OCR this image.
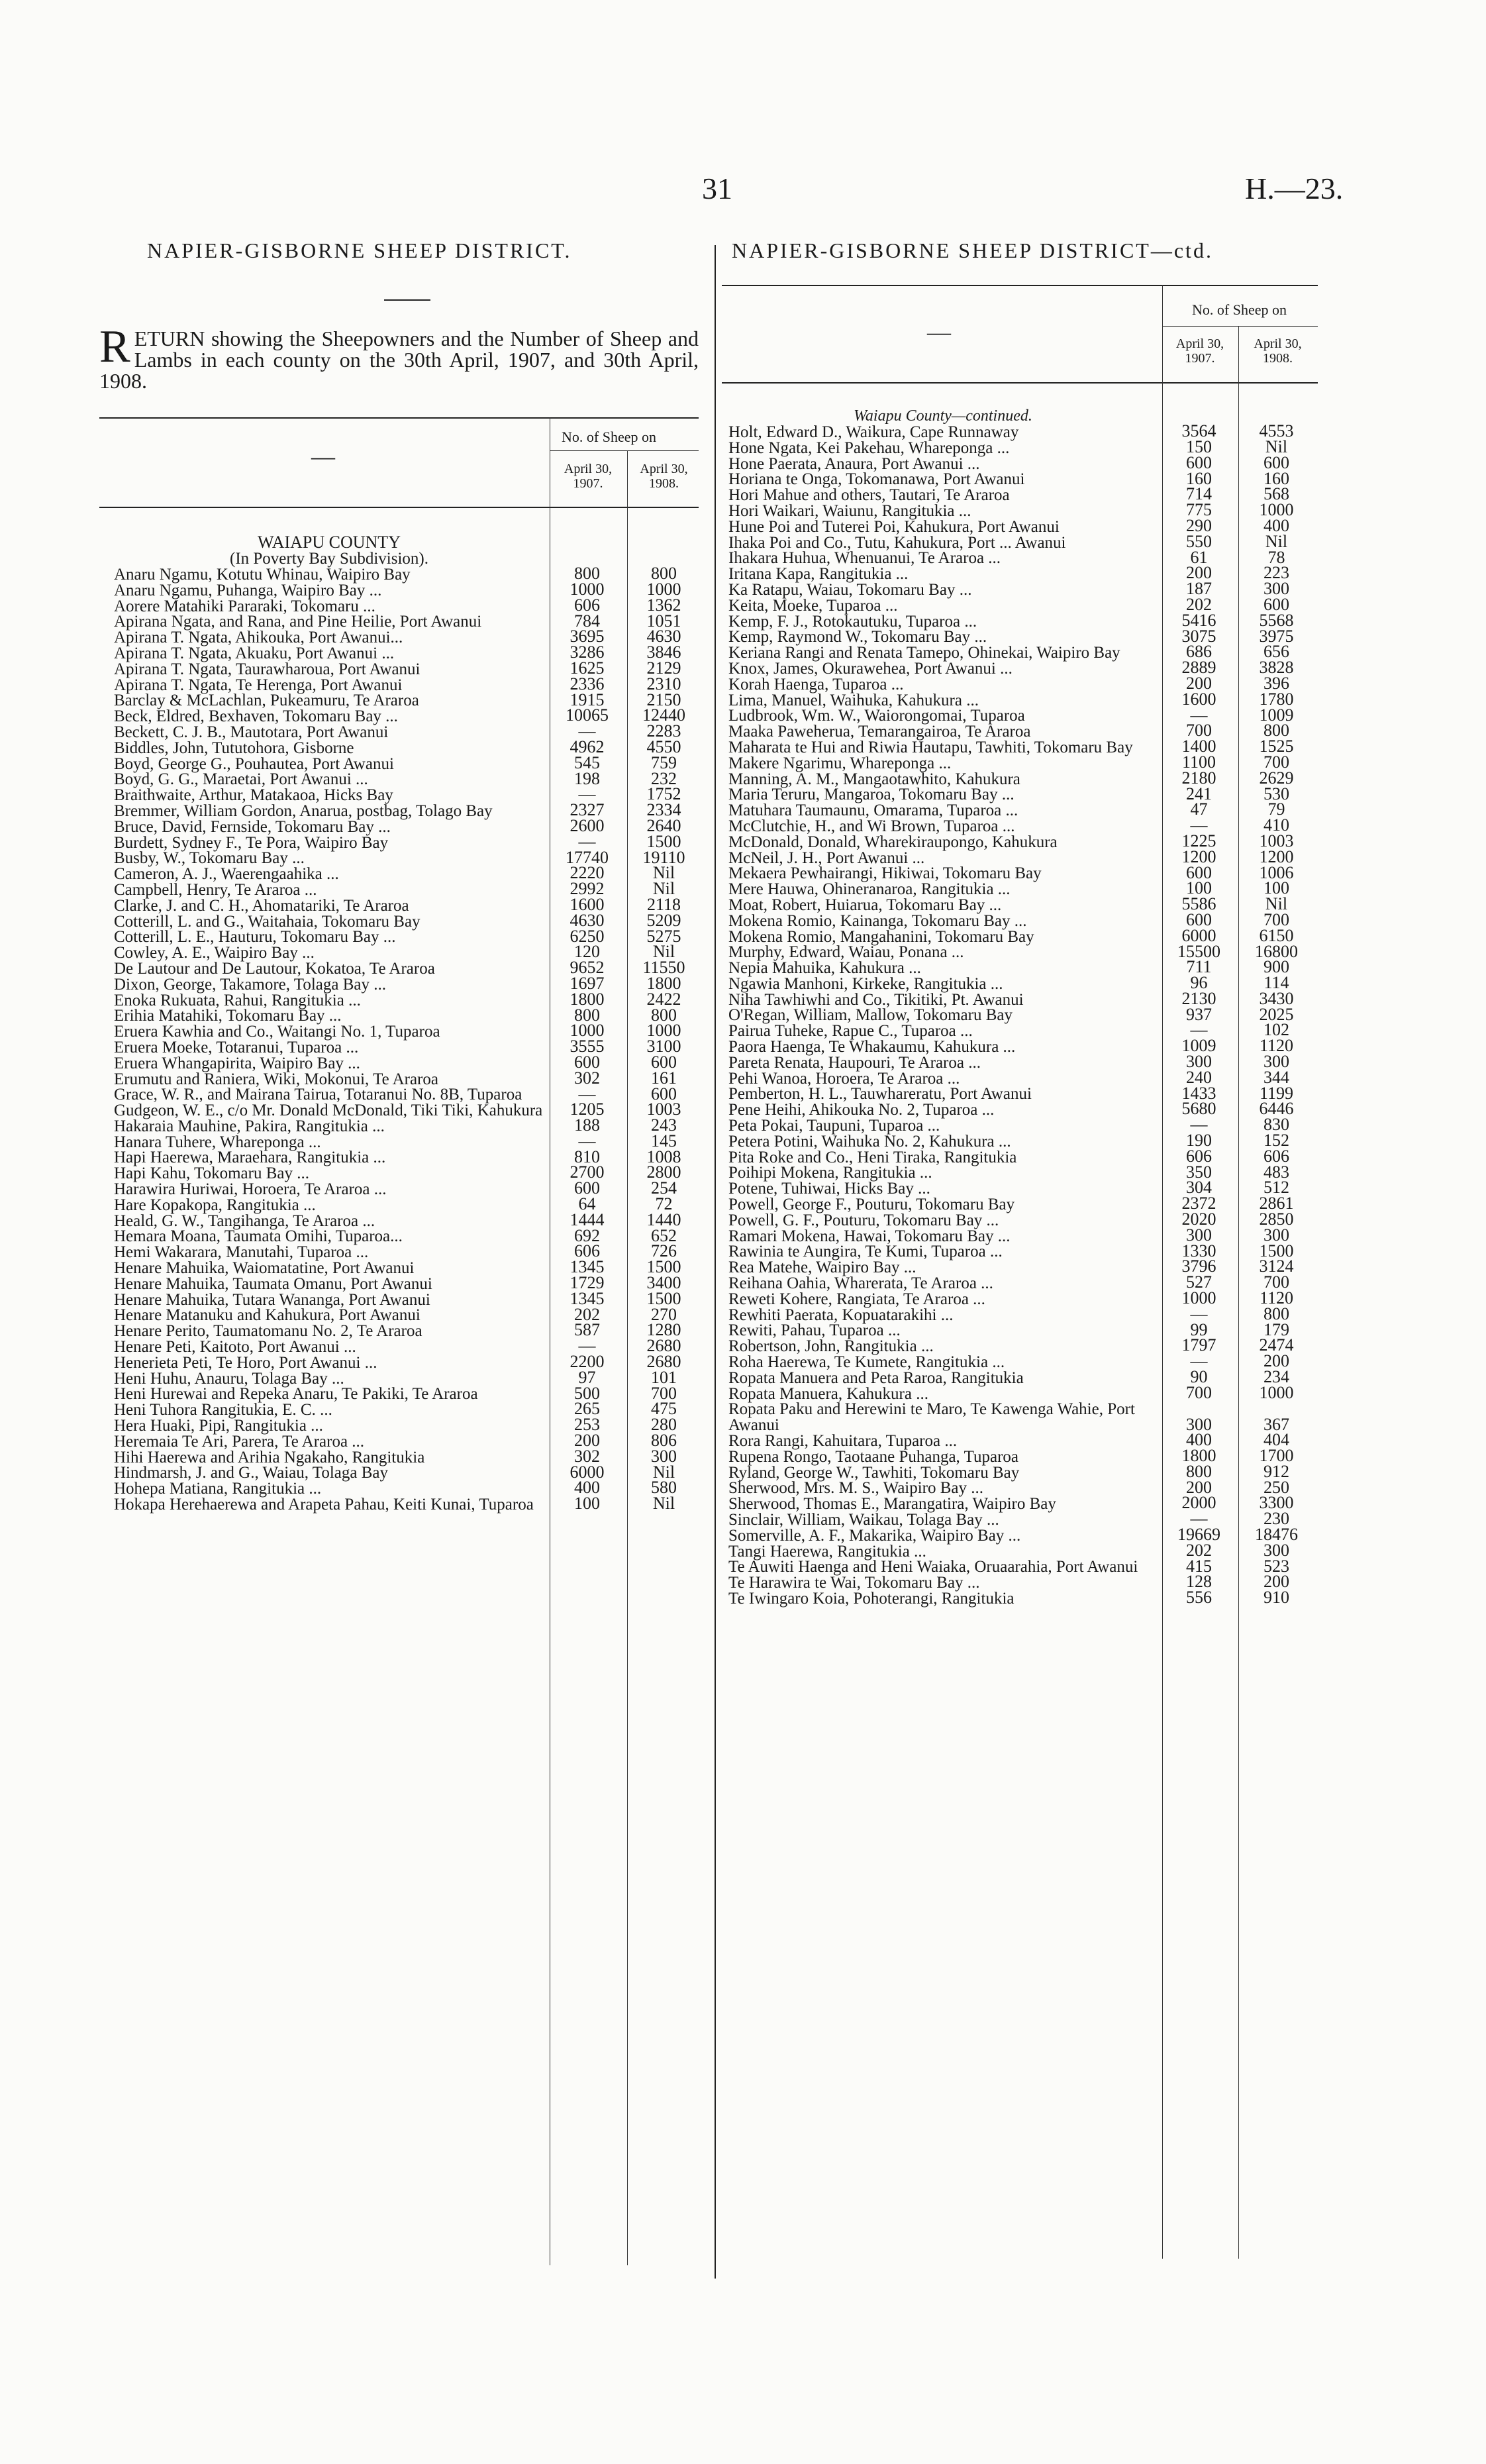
31	H.—23.
NAPIER-GISBORNE SHEEP DISTRICT.
RETURN showing the Sheepowners and the Number of Sheep and Lambs in each county on the 30th April, 1907, and 30th April, 1908.
No. of Sheep on
—	April 30, 1907.
April 30, 1908.
WAIAPU COUNTY
(In Poverty Bay Subdivision).
Anaru Ngamu, Kotutu Whinau, Waipiro Bay	800	800
Anaru Ngamu, Puhanga, Waipiro Bay ...	1000	1000
Aorere Matahiki Pararaki, Tokomaru ...	606	1362
Apirana Ngata, and Rana, and Pine Heilie, Port Awanui	784	1051
Apirana T. Ngata, Ahikouka, Port Awanui...	3695	4630
Apirana T. Ngata, Akuaku, Port Awanui ...	3286	3846
Apirana T. Ngata, Taurawharoua, Port Awanui	1625	2129
Apirana T. Ngata, Te Herenga, Port Awanui	2336	2310
Barclay & McLachlan, Pukeamuru, Te Araroa	1915	2150
Beck, Eldred, Bexhaven, Tokomaru Bay ...	10065	12440
Beckett, C. J. B., Mautotara, Port Awanui	—	2283
Biddles, John, Tututohora, Gisborne	4962	4550
Boyd, George G., Pouhautea, Port Awanui	545	759
Boyd, G. G., Maraetai, Port Awanui ...	198	232
Braithwaite, Arthur, Matakaoa, Hicks Bay	—	1752
Bremmer, William Gordon, Anarua, postbag, Tolago Bay	2327	2334
Bruce, David, Fernside, Tokomaru Bay ...	2600	2640
Burdett, Sydney F., Te Pora, Waipiro Bay	—	1500
Busby, W., Tokomaru Bay ...	17740	19110
Cameron, A. J., Waerengaahika ...	2220	Nil
Campbell, Henry, Te Araroa ...	2992	Nil
Clarke, J. and C. H., Ahomatariki, Te Araroa	1600	2118
Cotterill, L. and G., Waitahaia, Tokomaru Bay	4630	5209
Cotterill, L. E., Hauturu, Tokomaru Bay ...	6250	5275
Cowley, A. E., Waipiro Bay ...	120	Nil
De Lautour and De Lautour, Kokatoa, Te Araroa	9652	11550
Dixon, George, Takamore, Tolaga Bay ...	1697	1800
Enoka Rukuata, Rahui, Rangitukia ...	1800	2422
Erihia Matahiki, Tokomaru Bay ...	800	800
Eruera Kawhia and Co., Waitangi No. 1, Tuparoa	1000	1000
Eruera Moeke, Totaranui, Tuparoa ...	3555	3100
Eruera Whangapirita, Waipiro Bay ...	600	600
Erumutu and Raniera, Wiki, Mokonui, Te Araroa	302	161
Grace, W. R., and Mairana Tairua, Totaranui No. 8B, Tuparoa	—	600
Gudgeon, W. E., c/o Mr. Donald McDonald, Tiki Tiki, Kahukura	1205	1003
Hakaraia Mauhine, Pakira, Rangitukia ...	188	243
Hanara Tuhere, Whareponga ...	—	145
Hapi Haerewa, Maraehara, Rangitukia ...	810	1008
Hapi Kahu, Tokomaru Bay ...	2700	2800
Harawira Huriwai, Horoera, Te Araroa ...	600	254
Hare Kopakopa, Rangitukia ...	64	72
Heald, G. W., Tangihanga, Te Araroa ...	1444	1440
Hemara Moana, Taumata Omihi, Tuparoa...	692	652
Hemi Wakarara, Manutahi, Tuparoa ...	606	726
Henare Mahuika, Waiomatatine, Port Awanui	1345	1500
Henare Mahuika, Taumata Omanu, Port Awanui	1729	3400
Henare Mahuika, Tutara Wananga, Port Awanui	1345	1500
Henare Matanuku and Kahukura, Port Awanui	202	270
Henare Perito, Taumatomanu No. 2, Te Araroa	587	1280
Henare Peti, Kaitoto, Port Awanui ...	—	2680
Henerieta Peti, Te Horo, Port Awanui ...	2200	2680
Heni Huhu, Anauru, Tolaga Bay ...	97	101
Heni Hurewai and Repeka Anaru, Te Pakiki, Te Araroa	500	700
Heni Tuhora Rangitukia, E. C. ...	265	475
Hera Huaki, Pipi, Rangitukia ...	253	280
Heremaia Te Ari, Parera, Te Araroa ...	200	806
Hihi Haerewa and Arihia Ngakaho, Rangitukia	302	300
Hindmarsh, J. and G., Waiau, Tolaga Bay	6000	Nil
Hohepa Matiana, Rangitukia ...	400	580
Hokapa Herehaerewa and Arapeta Pahau, Keiti Kunai, Tuparoa	100	Nil
NAPIER-GISBORNE SHEEP DISTRICT—ctd.
No. of Sheep on
—	April 30, 1907.
April 30, 1908.
Waiapu County—continued.
Holt, Edward D., Waikura, Cape Runnaway	3564	4553
Hone Ngata, Kei Pakehau, Whareponga ...	150	Nil
Hone Paerata, Anaura, Port Awanui ...	600	600
Horiana te Onga, Tokomanawa, Port Awanui	160	160
Hori Mahue and others, Tautari, Te Araroa	714	568
Hori Waikari, Waiunu, Rangitukia ...	775	1000
Hune Poi and Tuterei Poi, Kahukura, Port Awanui	290	400
Ihaka Poi and Co., Tutu, Kahukura, Port ... Awanui	550	Nil
Ihakara Huhua, Whenuanui, Te Araroa ...	61	78
Iritana Kapa, Rangitukia ...	200	223
Ka Ratapu, Waiau, Tokomaru Bay ...	187	300
Keita, Moeke, Tuparoa ...	202	600
Kemp, F. J., Rotokautuku, Tuparoa ...	5416	5568
Kemp, Raymond W., Tokomaru Bay ...	3075	3975
Keriana Rangi and Renata Tamepo, Ohinekai, Waipiro Bay	686	656
Knox, James, Okurawehea, Port Awanui ...	2889	3828
Korah Haenga, Tuparoa ...	200	396
Lima, Manuel, Waihuka, Kahukura ...	1600	1780
Ludbrook, Wm. W., Waiorongomai, Tuparoa	—	1009
Maaka Paweherua, Temarangairoa, Te Araroa	700	800
Maharata te Hui and Riwia Hautapu, Tawhiti, Tokomaru Bay	1400	1525
Makere Ngarimu, Whareponga ...	1100	700
Manning, A. M., Mangaotawhito, Kahukura	2180	2629
Maria Teruru, Mangaroa, Tokomaru Bay ...	241	530
Matuhara Taumaunu, Omarama, Tuparoa ...	47	79
McClutchie, H., and Wi Brown, Tuparoa ...	—	410
McDonald, Donald, Wharekiraupongo, Kahukura	1225	1003
McNeil, J. H., Port Awanui ...	1200	1200
Mekaera Pewhairangi, Hikiwai, Tokomaru Bay	600	1006
Mere Hauwa, Ohineranaroa, Rangitukia ...	100	100
Moat, Robert, Huiarua, Tokomaru Bay ...	5586	Nil
Mokena Romio, Kainanga, Tokomaru Bay ...	600	700
Mokena Romio, Mangahanini, Tokomaru Bay	6000	6150
Murphy, Edward, Waiau, Ponana ...	15500	16800
Nepia Mahuika, Kahukura ...	711	900
Ngawia Manhoni, Kirkeke, Rangitukia ...	96	114
Niha Tawhiwhi and Co., Tikitiki, Pt. Awanui	2130	3430
O'Regan, William, Mallow, Tokomaru Bay	937	2025
Pairua Tuheke, Rapue C., Tuparoa ...	—	102
Paora Haenga, Te Whakaumu, Kahukura ...	1009	1120
Pareta Renata, Haupouri, Te Araroa ...	300	300
Pehi Wanoa, Horoera, Te Araroa ...	240	344
Pemberton, H. L., Tauwhareratu, Port Awanui	1433	1199
Pene Heihi, Ahikouka No. 2, Tuparoa ...	5680	6446
Peta Pokai, Taupuni, Tuparoa ...	—	830
Petera Potini, Waihuka No. 2, Kahukura ...	190	152
Pita Roke and Co., Heni Tiraka, Rangitukia	606	606
Poihipi Mokena, Rangitukia ...	350	483
Potene, Tuhiwai, Hicks Bay ...	304	512
Powell, George F., Pouturu, Tokomaru Bay	2372	2861
Powell, G. F., Pouturu, Tokomaru Bay ...	2020	2850
Ramari Mokena, Hawai, Tokomaru Bay ...	300	300
Rawinia te Aungira, Te Kumi, Tuparoa ...	1330	1500
Rea Matehe, Waipiro Bay ...	3796	3124
Reihana Oahia, Wharerata, Te Araroa ...	527	700
Reweti Kohere, Rangiata, Te Araroa ...	1000	1120
Rewhiti Paerata, Kopuatarakihi ...	—	800
Rewiti, Pahau, Tuparoa ...	99	179
Robertson, John, Rangitukia ...	1797	2474
Roha Haerewa, Te Kumete, Rangitukia ...	—	200
Ropata Manuera and Peta Raroa, Rangitukia	90	234
Ropata Manuera, Kahukura ...	700	1000
Ropata Paku and Herewini te Maro, Te Kawenga Wahie, Port Awanui	300	367
Rora Rangi, Kahuitara, Tuparoa ...	400	404
Rupena Rongo, Taotaane Puhanga, Tuparoa	1800	1700
Ryland, George W., Tawhiti, Tokomaru Bay	800	912
Sherwood, Mrs. M. S., Waipiro Bay ...	200	250
Sherwood, Thomas E., Marangatira, Waipiro Bay	2000	3300
Sinclair, William, Waikau, Tolaga Bay ...	—	230
Somerville, A. F., Makarika, Waipiro Bay ...	19669	18476
Tangi Haerewa, Rangitukia ...	202	300
Te Auwiti Haenga and Heni Waiaka, Oruaarahia, Port Awanui	415	523
Te Harawira te Wai, Tokomaru Bay ...	128	200
Te Iwingaro Koia, Pohoterangi, Rangitukia	556	910
